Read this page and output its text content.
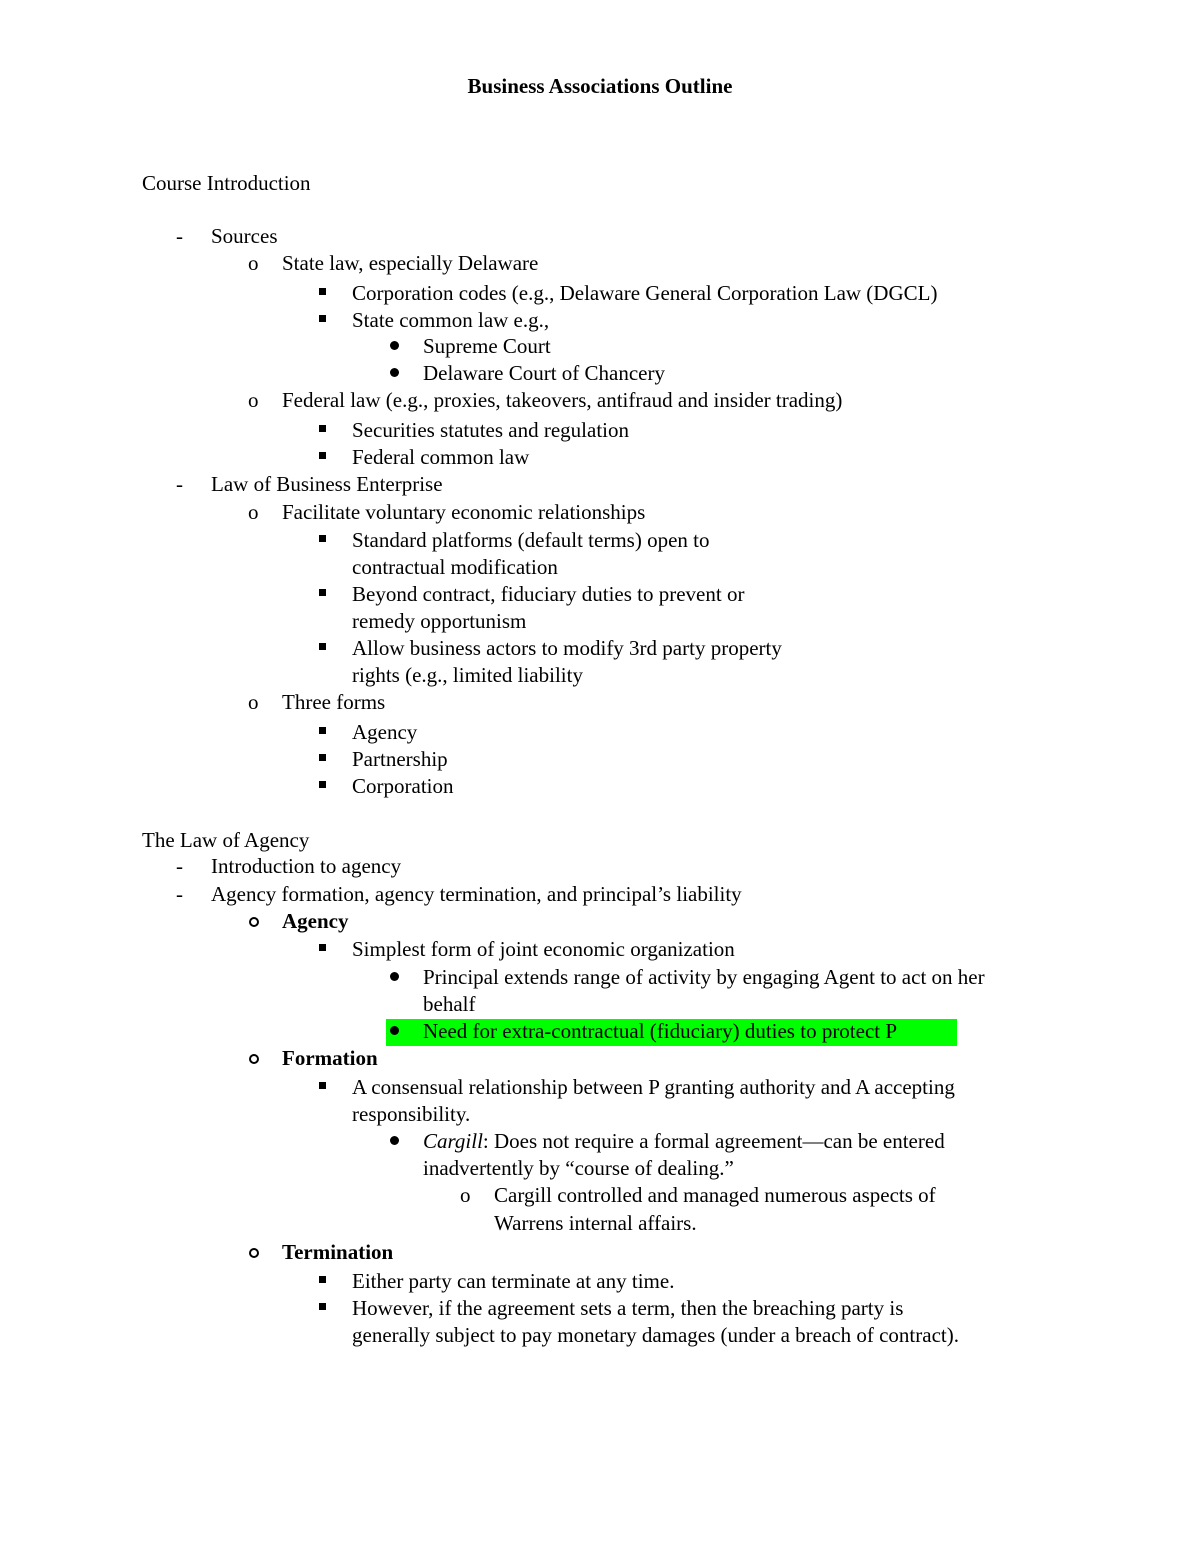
Business Associations Outline
Course Introduction
- Sources
o State law, especially Delaware
Corporation codes (e.g., Delaware General Corporation Law (DGCL)
State common law e.g.,
Supreme Court
Delaware Court of Chancery
o Federal law (e.g., proxies, takeovers, antifraud and insider trading)
Securities statutes and regulation
Federal common law
- Law of Business Enterprise
o Facilitate voluntary economic relationships
Standard platforms (default terms) open to
contractual modification
Beyond contract, fiduciary duties to prevent or
remedy opportunism
Allow business actors to modify 3rd party property
rights (e.g., limited liability
o Three forms
Agency
Partnership
Corporation
The Law of Agency
- Introduction to agency
- Agency formation, agency termination, and principal’s liability
Agency
Simplest form of joint economic organization
Principal extends range of activity by engaging Agent to act on her
behalf
Need for extra-contractual (fiduciary) duties to protect P
Formation
A consensual relationship between P granting authority and A accepting
responsibility.
Cargill: Does not require a formal agreement—can be entered
inadvertently by “course of dealing.”
o Cargill controlled and managed numerous aspects of
Warrens internal affairs.
Termination
Either party can terminate at any time.
However, if the agreement sets a term, then the breaching party is
generally subject to pay monetary damages (under a breach of contract).
